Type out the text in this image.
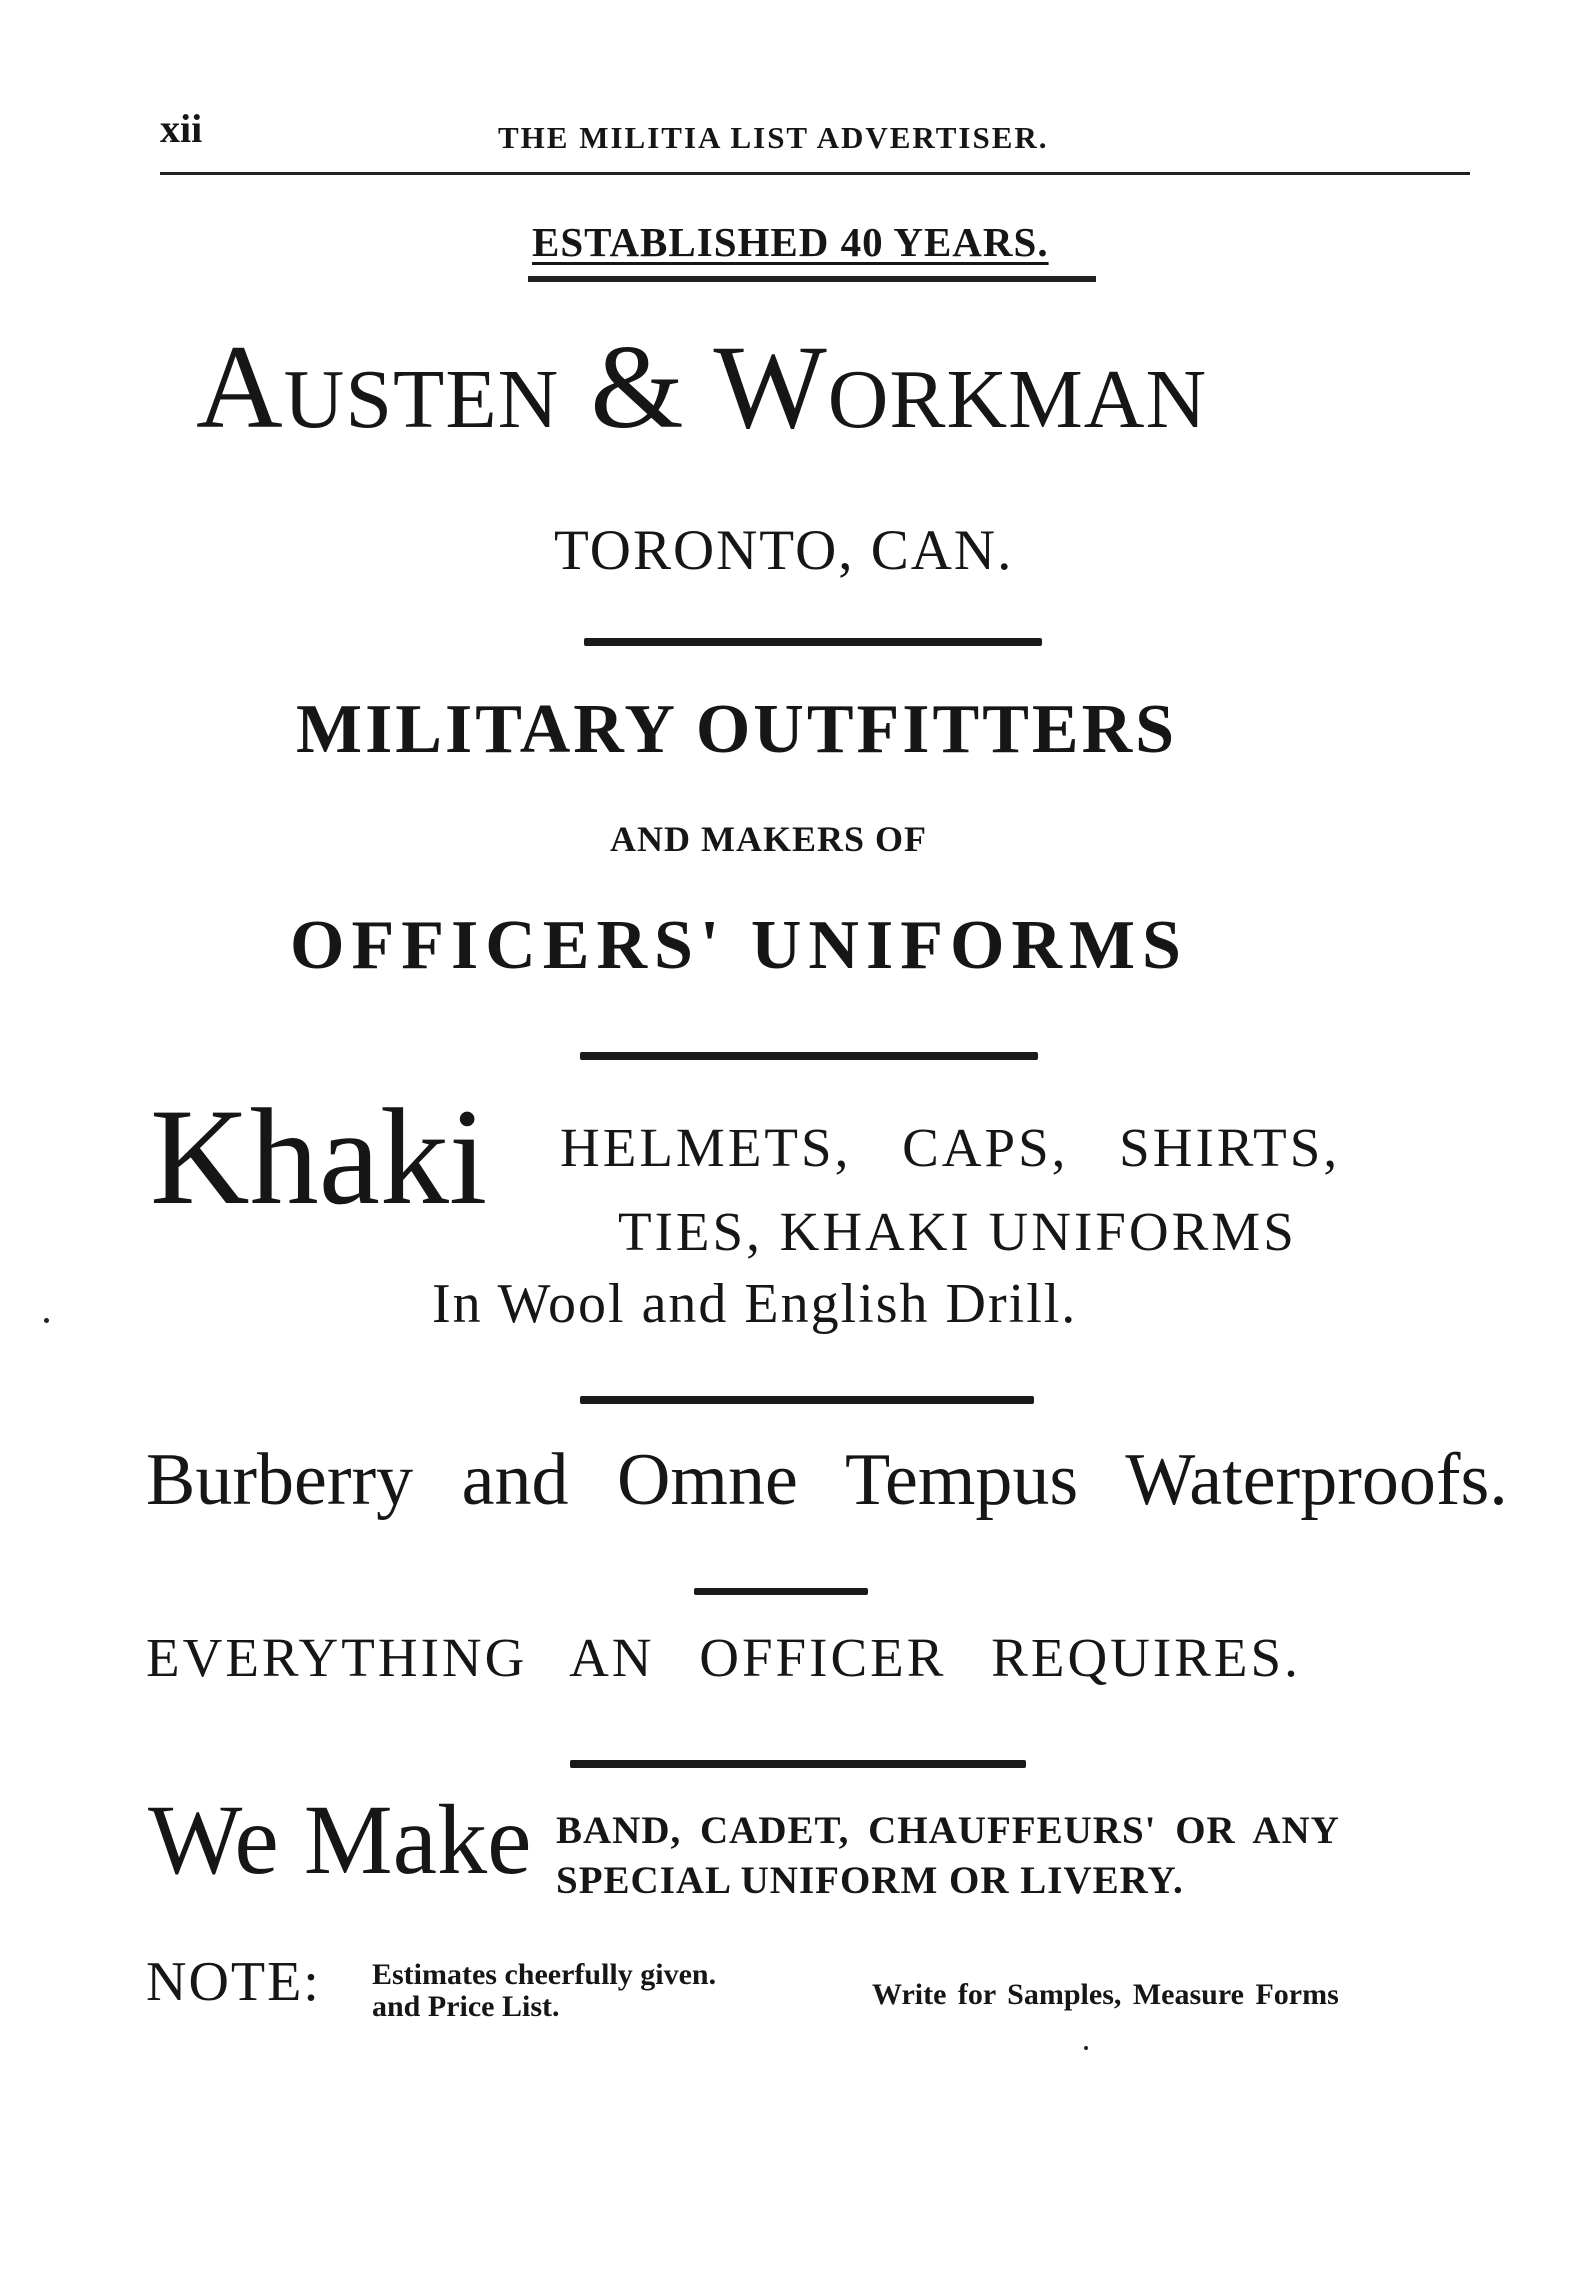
xii	THE MILITIA LIST ADVERTISER.
ESTABLISHED 40 YEARS.
Austen & Workman
TORONTO, CAN.
MILITARY OUTFITTERS
AND MAKERS OF
OFFICERS' UNIFORMS
Khaki HELMETS, CAPS, SHIRTS,
TIES, KHAKI UNIFORMS
In Wool and English Drill.
Burberry and Omne Tempus Waterproofs.
EVERYTHING AN OFFICER REQUIRES.
We Make BAND, CADET, CHAUFFEURS' OR ANY
SPECIAL UNIFORM OR LIVERY.
NOTE: Estimates cheerfully given.
and Price List.	Write for Samples, Measure Forms
